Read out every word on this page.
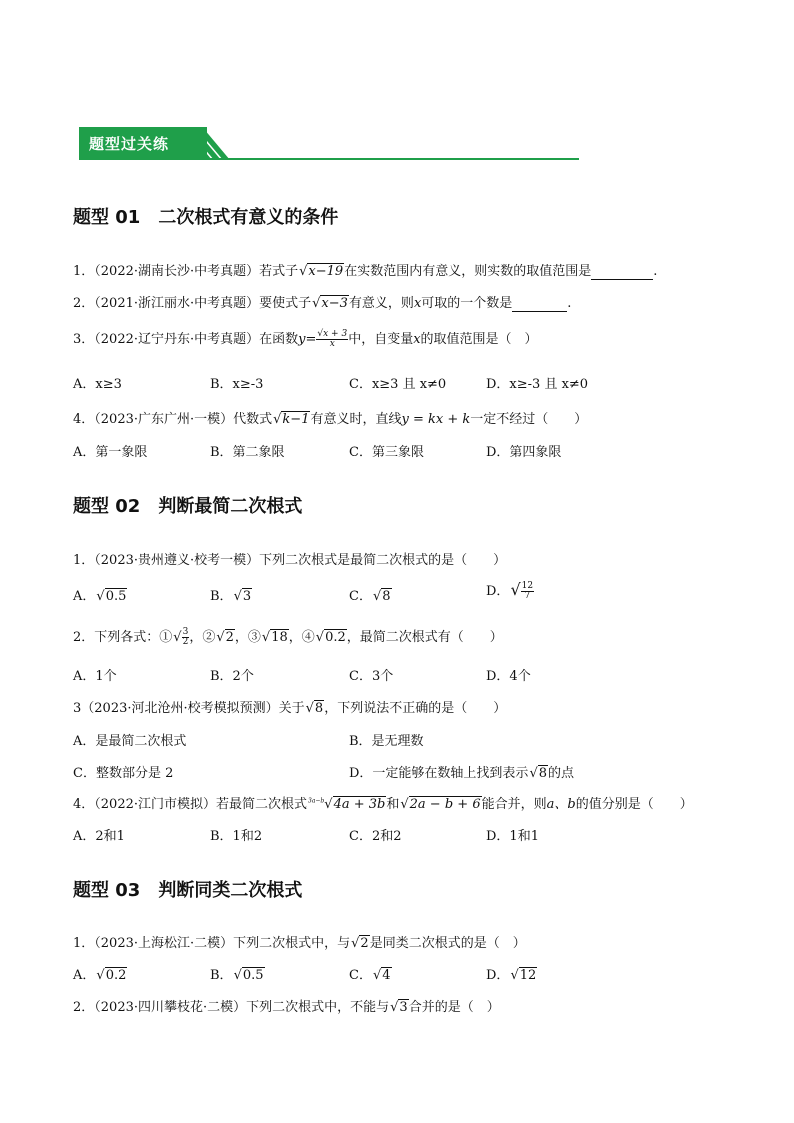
题型过关练
题型 01　二次根式有意义的条件
1．（2022·湖南长沙·中考真题）若式子√x−19在实数范围内有意义，则实数的取值范围是	.
2．（2021·浙江丽水·中考真题）要使式子√x−3有意义，则x可取的一个数是	.
3．（2022·辽宁丹东·中考真题）在函数$y= \frac{√x + 3}{x}$ 中，自变量x的取值范围是（　）
A．x≥3	B．x≥-3	C．x≥3 且 x≠0	D．x≥-3 且 x≠0
4．（2023·广东广州·一模）代数式√k−1有意义时，直线y = kx + k一定不经过（　　）
A．第一象限	B．第二象限	C．第三象限	D．第四象限
题型 02　判断最简二次根式
1．（2023·贵州遵义·校考一模）下列二次根式是最简二次根式的是（　　）
A．√0.5	B．√3	C．√8	D．√ $\frac{12}{7}$
2．下列各式：①√ $\frac{3}{2}$ ，②√2，③√18，④√0.2，最简二次根式有（　　）
A．1个	B．2个	C．3个	D．4个
3（2023·河北沧州·校考模拟预测）关于√8，下列说法不正确的是（　　）
A．是最简二次根式	B．是无理数
C．整数部分是 2	D．一定能够在数轴上找到表示√8的点
4．（2022·江门市模拟）若最简二次根式$^{3a-b}$√4a + 3b和√2a − b + 6能合并，则a、b的值分别是（　　）
A．2和1	B．1和2	C．2和2	D．1和1
题型 03　判断同类二次根式
1．（2023·上海松江·二模）下列二次根式中，与√2是同类二次根式的是（　）
A．√0.2	B．√0.5	C．√4	D．√12
2．（2023·四川攀枝花·二模）下列二次根式中，不能与√3合并的是（　）
